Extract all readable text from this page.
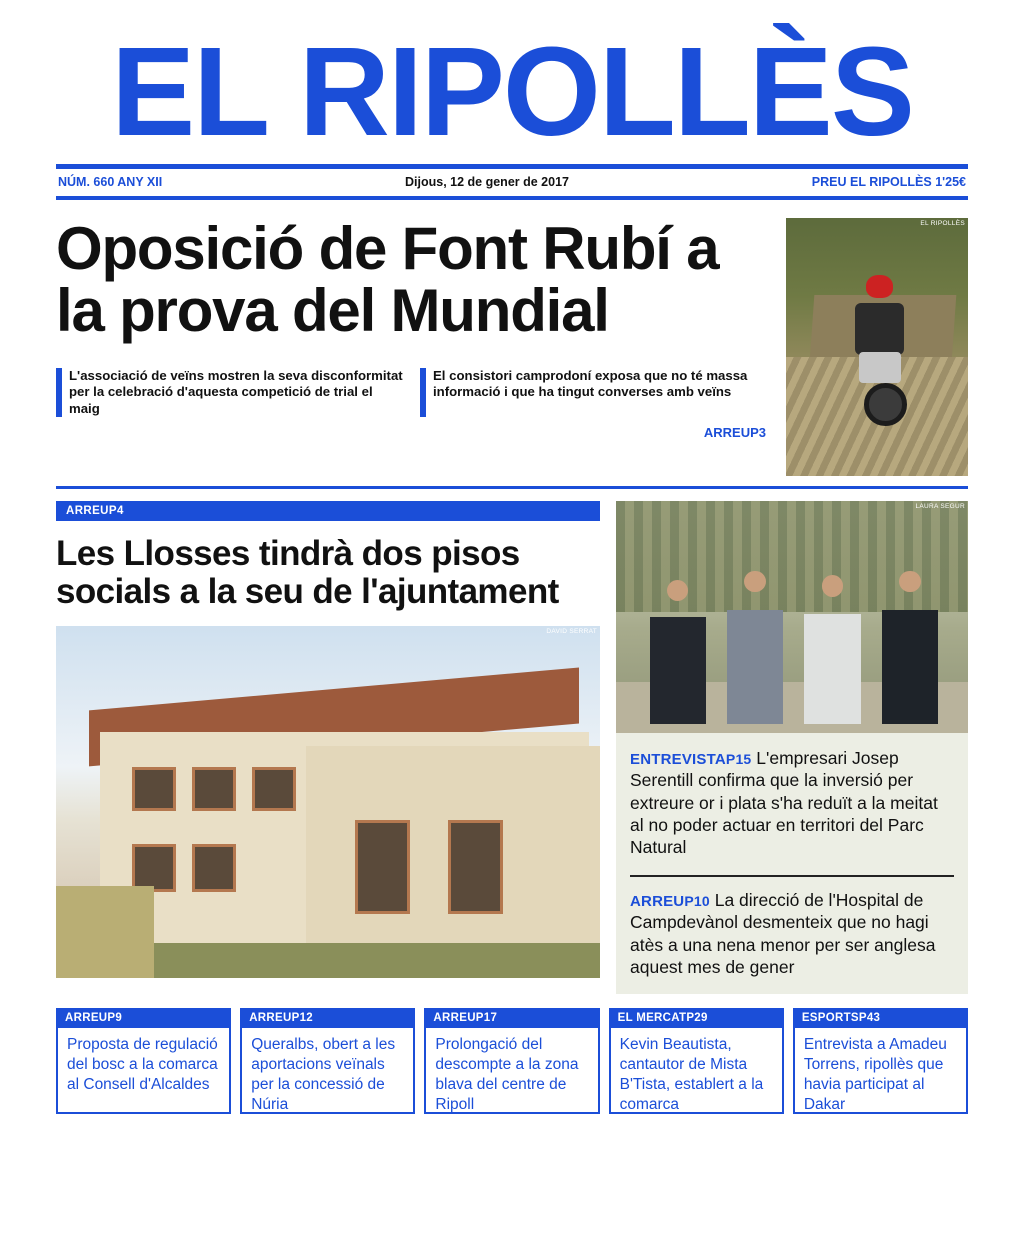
EL RIPOLLÈS
NÚM. 660 ANY XII	Dijous, 12 de gener de 2017	PREU EL RIPOLLÈS 1'25€
Oposició de Font Rubí a la prova del Mundial
L'associació de veïns mostren la seva disconformitat per la celebració d'aquesta competició de trial el maig
El consistori camprodoní exposa que no té massa informació i que ha tingut converses amb veïns
ARREUP3
EL RIPOLLÈS
ARREUP4
Les Llosses tindrà dos pisos socials a la seu de l'ajuntament
DAVID SERRAT
LAURA SEGUR
ENTREVISTAP15 L'empresari Josep Serentill confirma que la inversió per extreure or i plata s'ha reduït a la meitat al no poder actuar en territori del Parc Natural
ARREUP10 La direcció de l'Hospital de Campdevànol desmenteix que no hagi atès a una nena menor per ser anglesa aquest mes de gener
ARREUP9
Proposta de regulació del bosc a la comarca al Consell d'Alcaldes
ARREUP12
Queralbs, obert a les aportacions veïnals per la concessió de Núria
ARREUP17
Prolongació del descompte a la zona blava del centre de Ripoll
EL MERCATP29
Kevin Beautista, cantautor de Mista B'Tista, establert a la comarca
ESPORTSP43
Entrevista a Amadeu Torrens, ripollès que havia participat al Dakar
